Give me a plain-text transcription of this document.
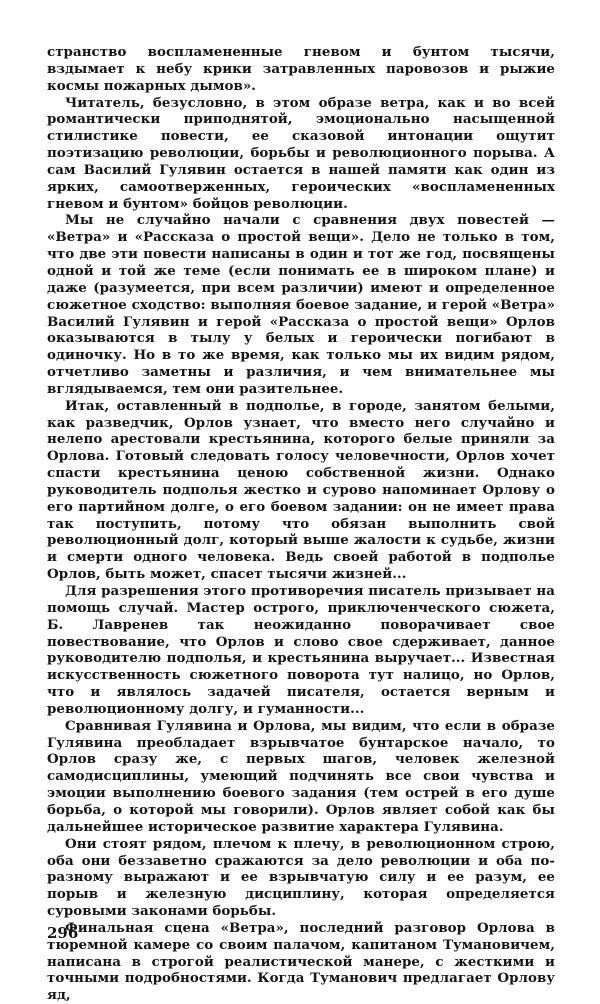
странство воспламененные гневом и бунтом тысячи, вздымает к небу крики затравленных паровозов и рыжие космы пожарных дымов».

Читатель, безусловно, в этом образе ветра, как и во всей романтически приподнятой, эмоционально насыщенной стилистике повести, ее сказовой интонации ощутит поэтизацию революции, борьбы и революционного порыва. А сам Василий Гулявин остается в нашей памяти как один из ярких, самоотверженных, героических «воспламененных гневом и бунтом» бойцов революции.

Мы не случайно начали с сравнения двух повестей — «Ветра» и «Рассказа о простой вещи». Дело не только в том, что две эти повести написаны в один и тот же год, посвящены одной и той же теме (если понимать ее в широком плане) и даже (разумеется, при всем различии) имеют и определенное сюжетное сходство: выполняя боевое задание, и герой «Ветра» Василий Гулявин и герой «Рассказа о простой вещи» Орлов оказываются в тылу у белых и героически погибают в одиночку. Но в то же время, как только мы их видим рядом, отчетливо заметны и различия, и чем внимательнее мы вглядываемся, тем они разительнее.

Итак, оставленный в подполье, в городе, занятом белыми, как разведчик, Орлов узнает, что вместо него случайно и нелепо арестовали крестьянина, которого белые приняли за Орлова. Готовый следовать голосу человечности, Орлов хочет спасти крестьянина ценою собственной жизни. Однако руководитель подполья жестко и сурово напоминает Орлову о его партийном долге, о его боевом задании: он не имеет права так поступить, потому что обязан выполнить свой революционный долг, который выше жалости к судьбе, жизни и смерти одного человека. Ведь своей работой в подполье Орлов, быть может, спасет тысячи жизней...

Для разрешения этого противоречия писатель призывает на помощь случай. Мастер острого, приключенческого сюжета, Б. Лавренев так неожиданно поворачивает свое повествование, что Орлов и слово свое сдерживает, данное руководителю подполья, и крестьянина выручает... Известная искусственность сюжетного поворота тут налицо, но Орлов, что и являлось задачей писателя, остается верным и революционному долгу, и гуманности...

Сравнивая Гулявина и Орлова, мы видим, что если в образе Гулявина преобладает взрывчатое бунтарское начало, то Орлов сразу же, с первых шагов, человек железной самодисциплины, умеющий подчинять все свои чувства и эмоции выполнению боевого задания (тем острей в его душе борьба, о которой мы говорили). Орлов являет собой как бы дальнейшее историческое развитие характера Гулявина.

Они стоят рядом, плечом к плечу, в революционном строю, оба они беззаветно сражаются за дело революции и оба по-разному выражают и ее взрывчатую силу и ее разум, ее порыв и железную дисциплину, которая определяется суровыми законами борьбы.

Финальная сцена «Ветра», последний разговор Орлова в тюремной камере со своим палачом, капитаном Тумановичем, написана в строгой реалистической манере, с жесткими и точными подробностями. Когда Туманович предлагает Орлову яд,

296
